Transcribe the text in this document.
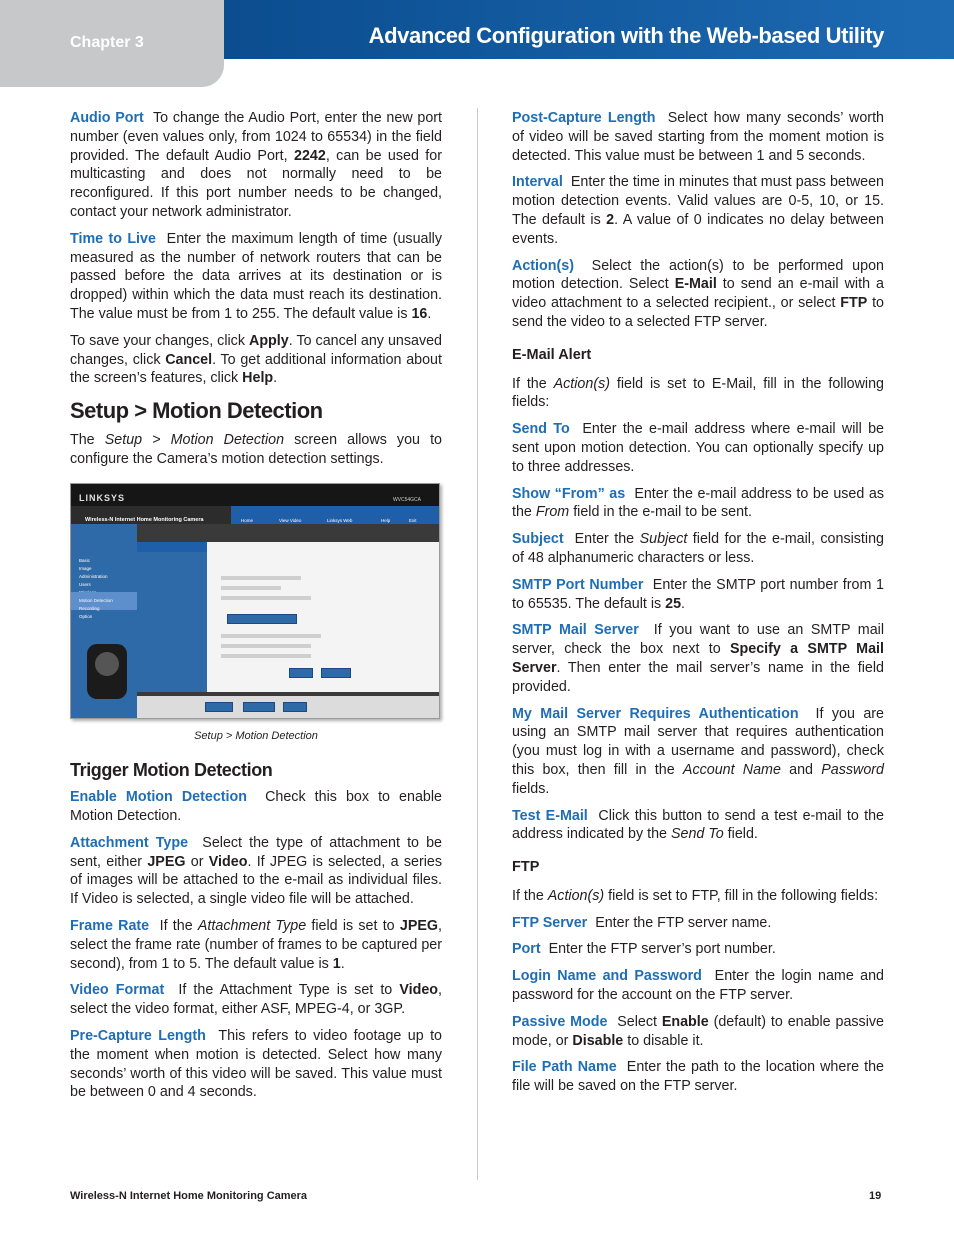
Chapter 3	Advanced Configuration with the Web-based Utility

Audio Port To change the Audio Port, enter the new port number (even values only, from 1024 to 65534) in the field provided. The default Audio Port, 2242, can be used for multicasting and does not normally need to be reconfigured. If this port number needs to be changed, contact your network administrator.

Time to Live Enter the maximum length of time (usually measured as the number of network routers that can be passed before the data arrives at its destination or is dropped) within which the data must reach its destination. The value must be from 1 to 255. The default value is 16.

To save your changes, click Apply. To cancel any unsaved changes, click Cancel. To get additional information about the screen’s features, click Help.

Setup > Motion Detection

The Setup > Motion Detection screen allows you to configure the Camera’s motion detection settings.

LINKSYS	WVC54GCA
Wireless-N Internet Home Monitoring Camera	Home	View Video	Linksys Web	Help	Exit
Basic
Image
Administration
Users
Motion Detection
Recording
Option
Setup > Motion Detection
Trigger Motion Detection

Enable Motion Detection Check this box to enable Motion Detection.

Attachment Type Select the type of attachment to be sent, either JPEG or Video. If JPEG is selected, a series of images will be attached to the e-mail as individual files. If Video is selected, a single video file will be attached.

Frame Rate If the Attachment Type field is set to JPEG, select the frame rate (number of frames to be captured per second), from 1 to 5. The default value is 1.

Video Format If the Attachment Type is set to Video, select the video format, either ASF, MPEG-4, or 3GP.

Pre-Capture Length This refers to video footage up to the moment when motion is detected. Select how many seconds’ worth of this video will be saved. This value must be between 0 and 4 seconds.

Post-Capture Length Select how many seconds’ worth of video will be saved starting from the moment motion is detected. This value must be between 1 and 5 seconds.

Interval Enter the time in minutes that must pass between motion detection events. Valid values are 0-5, 10, or 15. The default is 2. A value of 0 indicates no delay between events.

Action(s) Select the action(s) to be performed upon motion detection. Select E-Mail to send an e-mail with a video attachment to a selected recipient., or select FTP to send the video to a selected FTP server.

E-Mail Alert

If the Action(s) field is set to E-Mail, fill in the following fields:

Send To Enter the e-mail address where e-mail will be sent upon motion detection. You can optionally specify up to three addresses.

Show “From” as Enter the e-mail address to be used as the From field in the e-mail to be sent.

Subject Enter the Subject field for the e-mail, consisting of 48 alphanumeric characters or less.

SMTP Port Number Enter the SMTP port number from 1 to 65535. The default is 25.

SMTP Mail Server If you want to use an SMTP mail server, check the box next to Specify a SMTP Mail Server. Then enter the mail server’s name in the field provided.

My Mail Server Requires Authentication If you are using an SMTP mail server that requires authentication (you must log in with a username and password), check this box, then fill in the Account Name and Password fields.

Test E-Mail Click this button to send a test e-mail to the address indicated by the Send To field.

FTP

If the Action(s) field is set to FTP, fill in the following fields:

FTP Server Enter the FTP server name.

Port Enter the FTP server’s port number.

Login Name and Password Enter the login name and password for the account on the FTP server.

Passive Mode Select Enable (default) to enable passive mode, or Disable to disable it.

File Path Name Enter the path to the location where the file will be saved on the FTP server.

Wireless-N Internet Home Monitoring Camera	19
